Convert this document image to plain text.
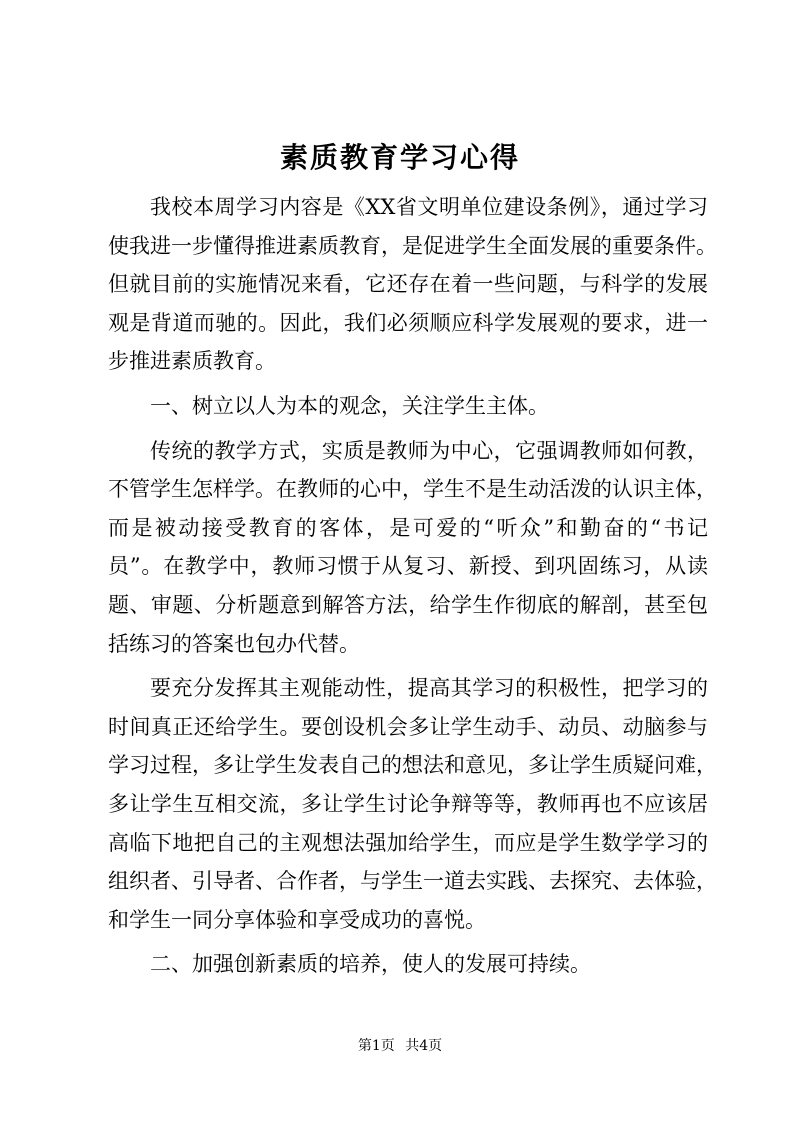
素质教育学习心得
我校本周学习内容是《XX省文明单位建设条例》，通过学习
使我进一步懂得推进素质教育，是促进学生全面发展的重要条件。
但就目前的实施情况来看，它还存在着一些问题，与科学的发展
观是背道而驰的。因此，我们必须顺应科学发展观的要求，进一
步推进素质教育。
一、树立以人为本的观念，关注学生主体。
传统的教学方式，实质是教师为中心，它强调教师如何教，
不管学生怎样学。在教师的心中，学生不是生动活泼的认识主体，
而是被动接受教育的客体，是可爱的“听众”和勤奋的“书记
员”。在教学中，教师习惯于从复习、新授、到巩固练习，从读
题、审题、分析题意到解答方法，给学生作彻底的解剖，甚至包
括练习的答案也包办代替。
要充分发挥其主观能动性，提高其学习的积极性，把学习的
时间真正还给学生。要创设机会多让学生动手、动员、动脑参与
学习过程，多让学生发表自己的想法和意见，多让学生质疑问难，
多让学生互相交流，多让学生讨论争辩等等，教师再也不应该居
高临下地把自己的主观想法强加给学生，而应是学生数学学习的
组织者、引导者、合作者，与学生一道去实践、去探究、去体验，
和学生一同分享体验和享受成功的喜悦。
二、加强创新素质的培养，使人的发展可持续。
第1页 共4页
